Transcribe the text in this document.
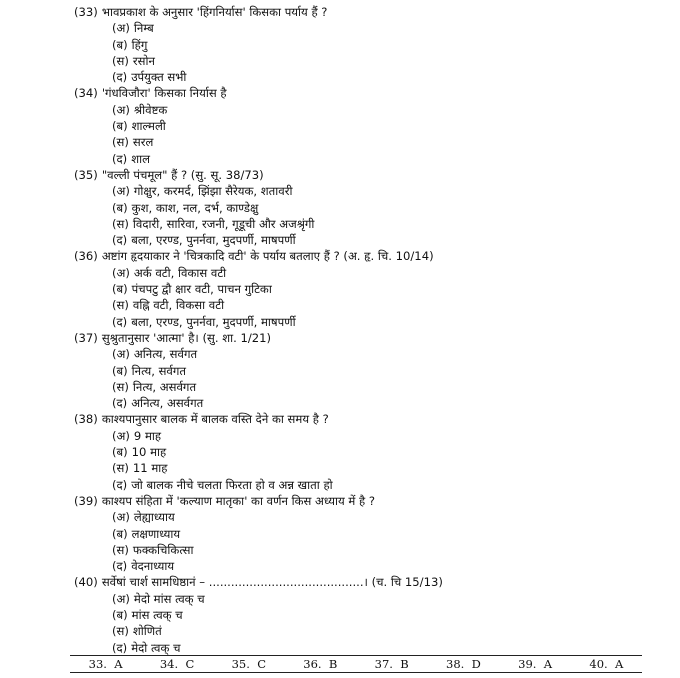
(33) भावप्रकाश के अनुसार 'हिंगनिर्यास' किसका पर्याय हैं ?
(अ) निम्ब
(ब) हिंगु
(स) रसोन
(द) उर्पयुक्त सभी
(34) 'गंधविजौरा' किसका निर्यास है
(अ) श्रीवेष्टक
(ब) शाल्मली
(स) सरल
(द) शाल
(35) "वल्ली पंचमूल" हैं ? (सु. सू. 38/73)
(अ) गोक्षुर, करमर्द, झिंझा सैरेयक, शतावरी
(ब) कुश, काश, नल, दर्भ, काण्डेक्षु
(स) विदारी, सारिवा, रजनी, गूडूची और अजश्रृंगी
(द) बला, एरण्ड, पुनर्नवा, मुदपर्णी, माषपर्णी
(36) अष्टांग हृदयाकार ने 'चित्रकादि वटी' के पर्याय बतलाए हैं ? (अ. हृ. चि. 10/14)
(अ) अर्क वटी, विकास वटी
(ब) पंचपटु द्वौ क्षार वटी, पाचन गुटिका
(स) वह्नि वटी, विकसा वटी
(द) बला, एरण्ड, पुनर्नवा, मुदपर्णी, माषपर्णी
(37) सुश्रुतानुसार 'आत्मा' है। (सु. शा. 1/21)
(अ) अनित्य, सर्वगत
(ब) नित्य, सर्वगत
(स) नित्य, असर्वगत
(द) अनित्य, असर्वगत
(38) काश्यपानुसार बालक में बालक वस्ति देने का समय है ?
(अ) 9 माह
(ब) 10 माह
(स) 11 माह
(द) जो बालक नीचे चलता फिरता हो व अन्न खाता हो
(39) काश्यप संहिता में 'कल्याण मातृका' का वर्णन किस अध्याय में है ?
(अ) लेह्याध्याय
(ब) लक्षणाध्याय
(स) फक्कचिकित्सा
(द) वेदनाध्याय
(40) सर्वेषां चार्श सामधिष्ठानं – ..........................................। (च. चि 15/13)
(अ) मेदो मांस त्वक् च
(ब) मांस त्वक् च
(स) शोणितं
(द) मेदो त्वक् च
33. A	34. C	35. C	36. B	37. B	38. D	39. A	40. A
